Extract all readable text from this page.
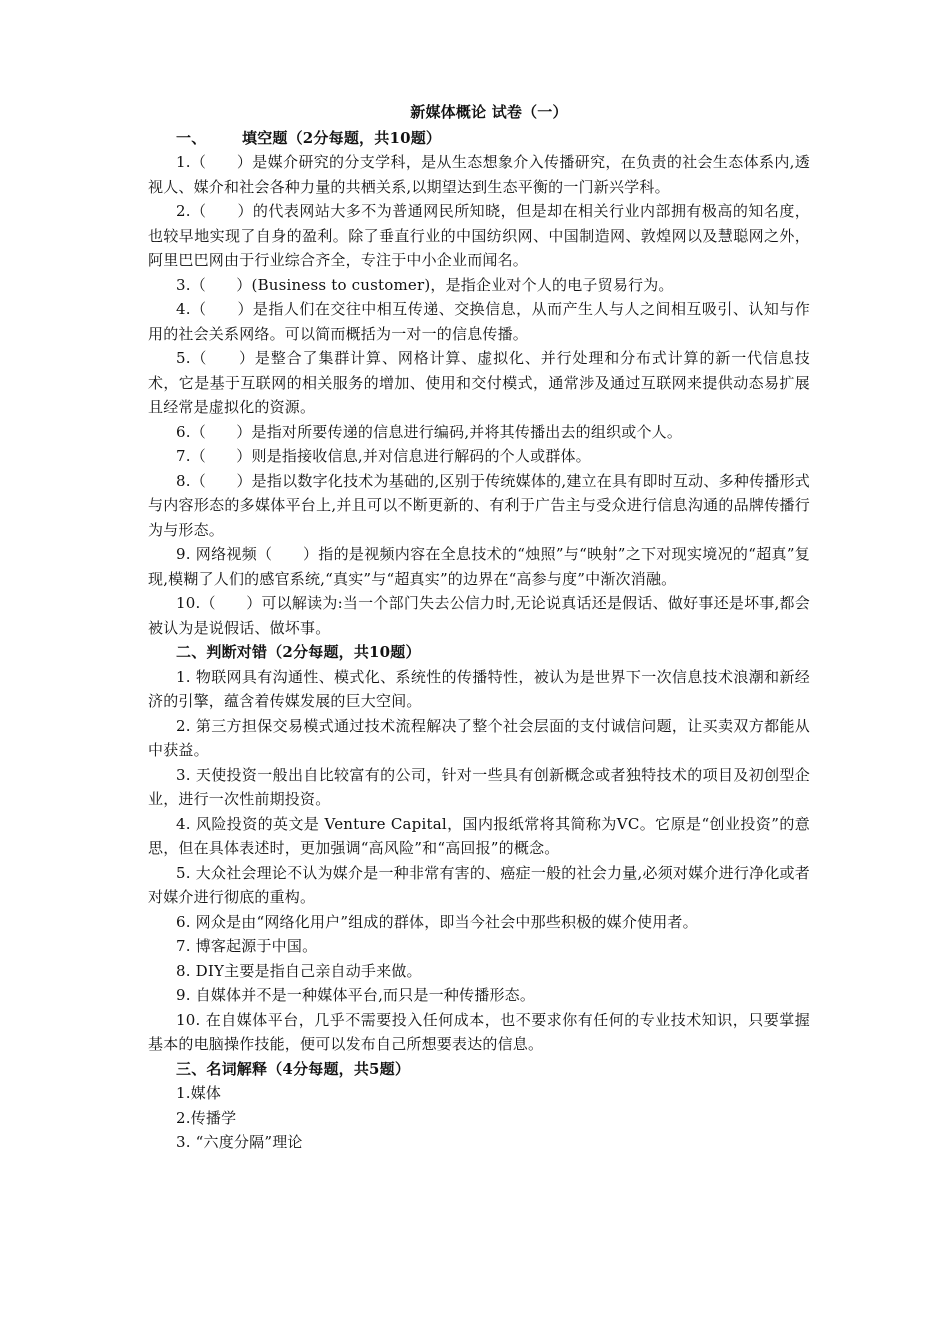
新媒体概论 试卷（一）
一、 填空题（2分每题，共10题）

1.（　　）是媒介研究的分支学科，是从生态想象介入传播研究，在负责的社会生态体系内,透视人、媒介和社会各种力量的共栖关系,以期望达到生态平衡的一门新兴学科。

2.（　　）的代表网站大多不为普通网民所知晓，但是却在相关行业内部拥有极高的知名度，也较早地实现了自身的盈利。除了垂直行业的中国纺织网、中国制造网、敦煌网以及慧聪网之外，阿里巴巴网由于行业综合齐全，专注于中小企业而闻名。

3.（　　）(Business to customer)，是指企业对个人的电子贸易行为。

4.（　　）是指人们在交往中相互传递、交换信息，从而产生人与人之间相互吸引、认知与作用的社会关系网络。可以简而概括为一对一的信息传播。

5.（　　）是整合了集群计算、网格计算、虚拟化、并行处理和分布式计算的新一代信息技术，它是基于互联网的相关服务的增加、使用和交付模式，通常涉及通过互联网来提供动态易扩展且经常是虚拟化的资源。

6.（　　）是指对所要传递的信息进行编码,并将其传播出去的组织或个人。

7.（　　）则是指接收信息,并对信息进行解码的个人或群体。

8.（　　）是指以数字化技术为基础的,区别于传统媒体的,建立在具有即时互动、多种传播形式与内容形态的多媒体平台上,并且可以不断更新的、有利于广告主与受众进行信息沟通的品牌传播行为与形态。

9. 网络视频（　　）指的是视频内容在全息技术的“烛照”与“映射”之下对现实境况的“超真”复现,模糊了人们的感官系统,“真实”与“超真实”的边界在“高参与度”中渐次消融。

10.（　　）可以解读为:当一个部门失去公信力时,无论说真话还是假话、做好事还是坏事,都会被认为是说假话、做坏事。

二、判断对错（2分每题，共10题）

1. 物联网具有沟通性、模式化、系统性的传播特性，被认为是世界下一次信息技术浪潮和新经济的引擎，蕴含着传媒发展的巨大空间。

2. 第三方担保交易模式通过技术流程解决了整个社会层面的支付诚信问题，让买卖双方都能从中获益。

3. 天使投资一般出自比较富有的公司，针对一些具有创新概念或者独特技术的项目及初创型企业，进行一次性前期投资。

4. 风险投资的英文是 Venture Capital，国内报纸常将其简称为VC。它原是“创业投资”的意思，但在具体表述时，更加强调“高风险”和“高回报”的概念。

5. 大众社会理论不认为媒介是一种非常有害的、癌症一般的社会力量,必须对媒介进行净化或者对媒介进行彻底的重构。

6. 网众是由“网络化用户”组成的群体，即当今社会中那些积极的媒介使用者。

7. 博客起源于中国。

8. DIY主要是指自己亲自动手来做。

9. 自媒体并不是一种媒体平台,而只是一种传播形态。

10. 在自媒体平台，几乎不需要投入任何成本，也不要求你有任何的专业技术知识，只要掌握基本的电脑操作技能，便可以发布自己所想要表达的信息。

三、名词解释（4分每题，共5题）

1.媒体

2.传播学

3. “六度分隔”理论
